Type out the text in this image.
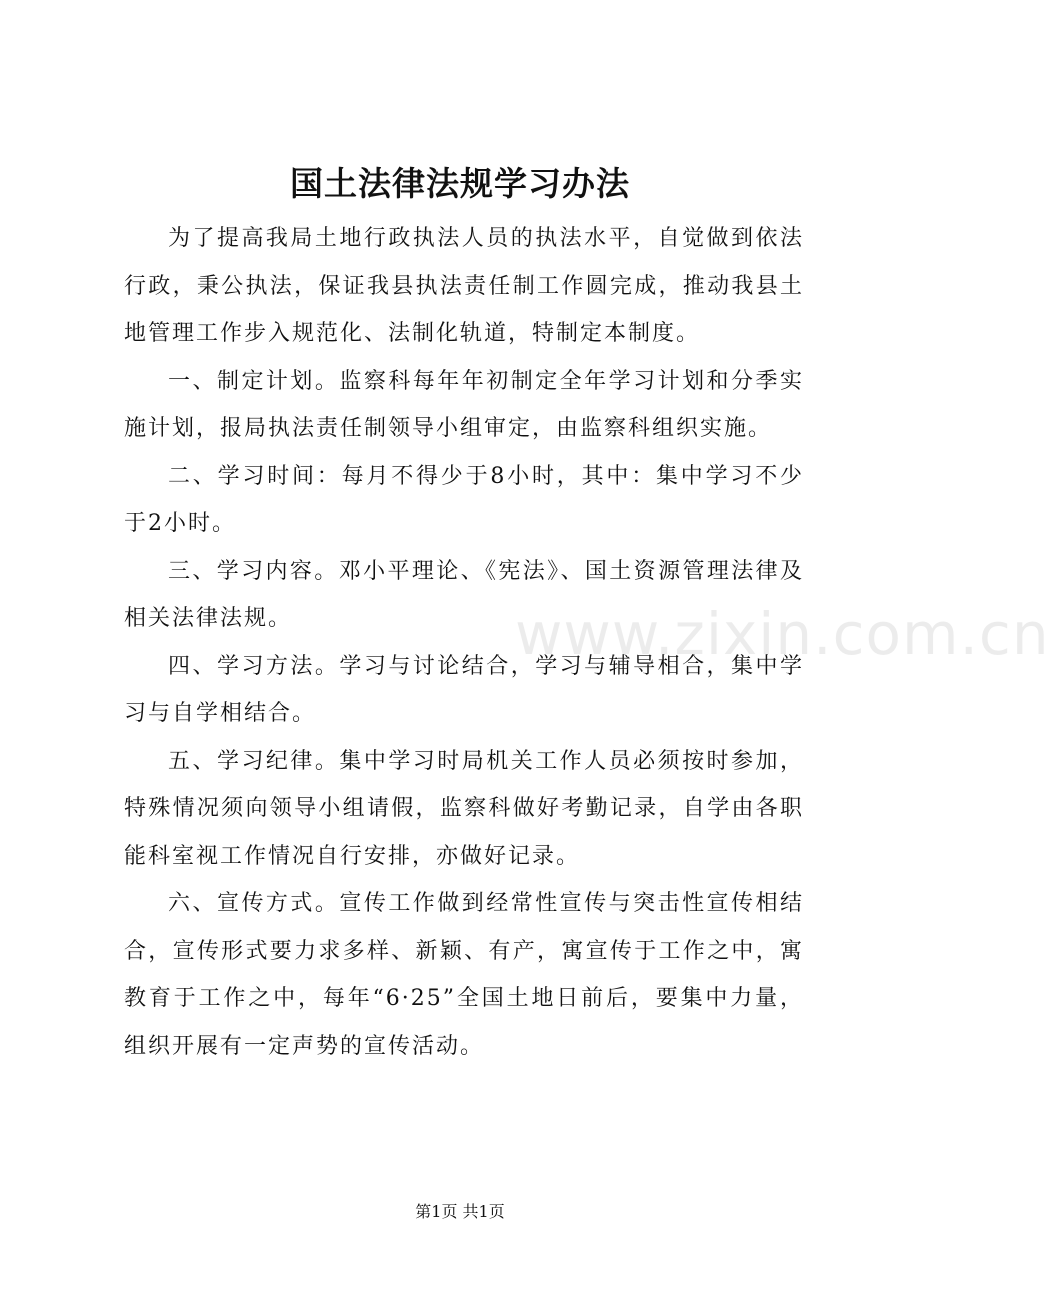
国土法律法规学习办法

为了提高我局土地行政执法人员的执法水平，自觉做到依法行政，秉公执法，保证我县执法责任制工作圆完成，推动我县土地管理工作步入规范化、法制化轨道，特制定本制度。

一、制定计划。监察科每年年初制定全年学习计划和分季实施计划，报局执法责任制领导小组审定，由监察科组织实施。

二、学习时间：每月不得少于8小时，其中：集中学习不少于2小时。

三、学习内容。邓小平理论、《宪法》、国土资源管理法律及相关法律法规。

四、学习方法。学习与讨论结合，学习与辅导相合，集中学习与自学相结合。

五、学习纪律。集中学习时局机关工作人员必须按时参加，特殊情况须向领导小组请假，监察科做好考勤记录，自学由各职能科室视工作情况自行安排，亦做好记录。

六、宣传方式。宣传工作做到经常性宣传与突击性宣传相结合，宣传形式要力求多样、新颖、有产，寓宣传于工作之中，寓教育于工作之中，每年“6·25”全国土地日前后，要集中力量，组织开展有一定声势的宣传活动。

www.zixin.com.cn
第1页 共1页
